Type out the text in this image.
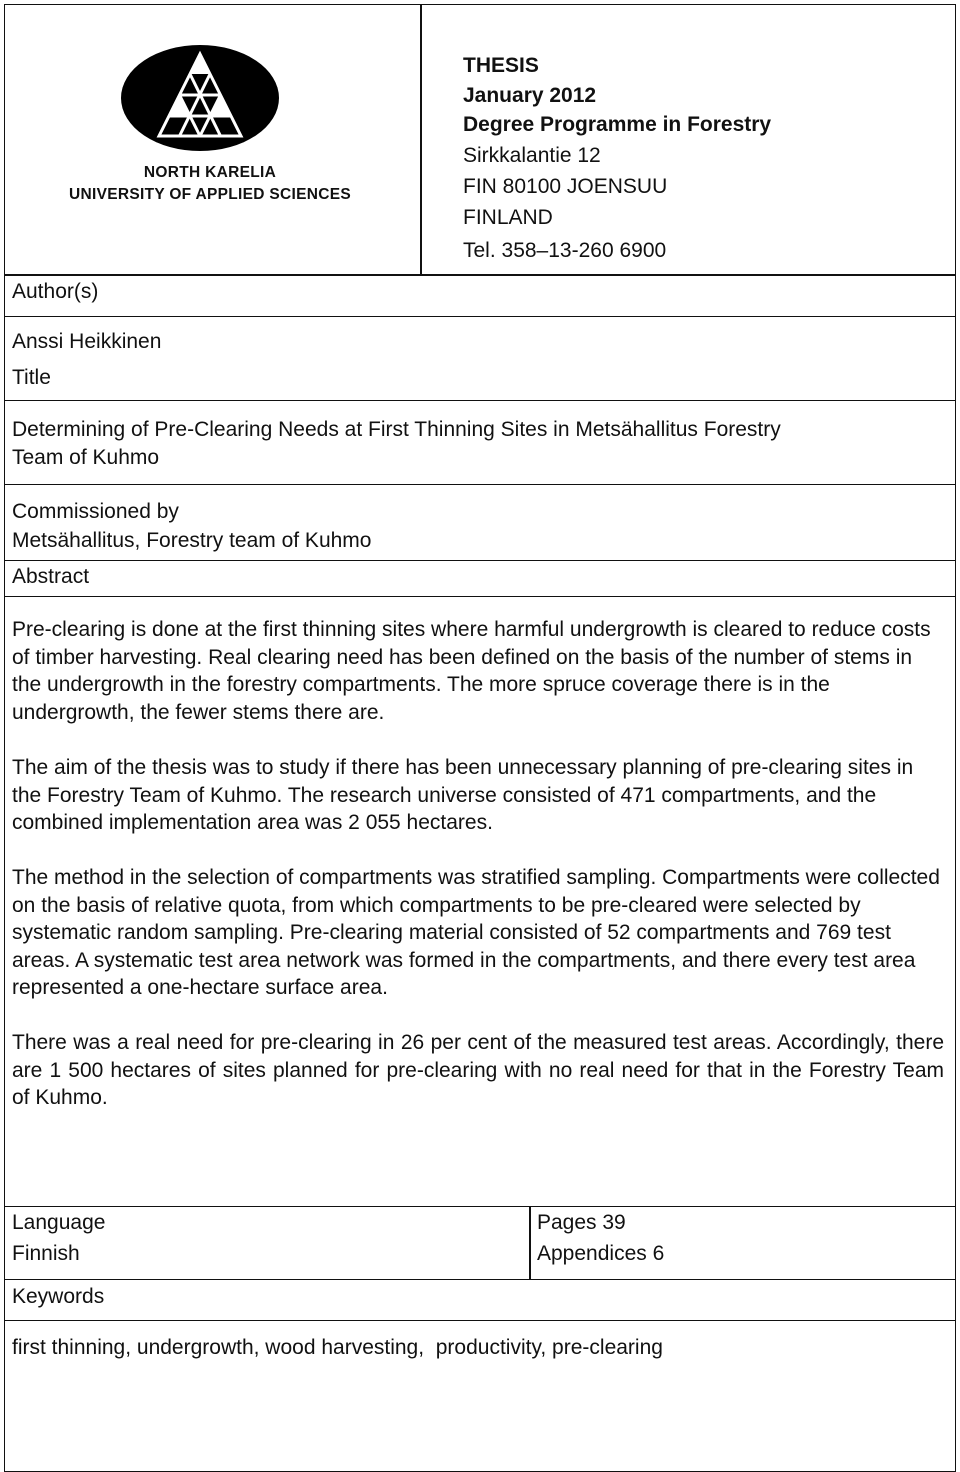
NORTH KARELIA
UNIVERSITY OF APPLIED SCIENCES
THESIS
January 2012
Degree Programme in Forestry
Sirkkalantie 12
FIN 80100 JOENSUU
FINLAND
Tel. 358–13-260 6900
Author(s)
Anssi Heikkinen
Title
Determining of Pre-Clearing Needs at First Thinning Sites in Metsähallitus Forestry
Team of Kuhmo
Commissioned by
Metsähallitus, Forestry team of Kuhmo
Abstract
Pre-clearing is done at the first thinning sites where harmful undergrowth is cleared to reduce costs of timber harvesting. Real clearing need has been defined on the basis of the number of stems in the undergrowth in the forestry compartments. The more spruce coverage there is in the undergrowth, the fewer stems there are.
The aim of the thesis was to study if there has been unnecessary planning of pre-clearing sites in the Forestry Team of Kuhmo. The research universe consisted of 471 compartments, and the combined implementation area was 2 055 hectares.
The method in the selection of compartments was stratified sampling. Compartments were collected on the basis of relative quota, from which compartments to be pre-cleared were selected by systematic random sampling. Pre-clearing material consisted of 52 compartments and 769 test areas. A systematic test area network was formed in the compartments, and there every test area represented a one-hectare surface area.
There was a real need for pre-clearing in 26 per cent of the measured test areas. Accordingly, there are 1 500 hectares of sites planned for pre-clearing with no real need for that in the Forestry Team of Kuhmo.
Language
Finnish
Pages 39
Appendices 6
Keywords
first thinning, undergrowth, wood harvesting,  productivity, pre-clearing
